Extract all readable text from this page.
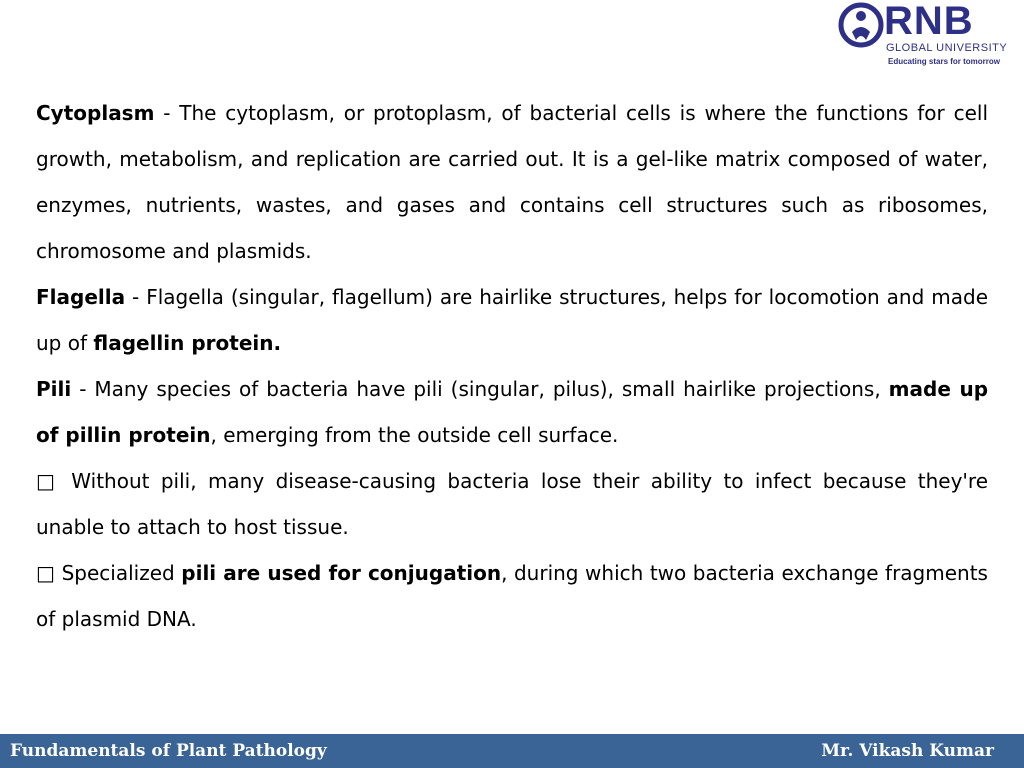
RNB
GLOBAL UNIVERSITY
Educating stars for tomorrow

Cytoplasm - The cytoplasm, or protoplasm, of bacterial cells is where the functions for cell growth, metabolism, and replication are carried out. It is a gel-like matrix composed of water, enzymes, nutrients, wastes, and gases and contains cell structures such as ribosomes, chromosome and plasmids.

Flagella - Flagella (singular, flagellum) are hairlike structures, helps for locomotion and made up of flagellin protein.

Pili - Many species of bacteria have pili (singular, pilus), small hairlike projections, made up of pillin protein, emerging from the outside cell surface.

□ Without pili, many disease-causing bacteria lose their ability to infect because they're unable to attach to host tissue.

□ Specialized pili are used for conjugation, during which two bacteria exchange fragments of plasmid DNA.

Fundamentals of Plant Pathology	Mr. Vikash Kumar
